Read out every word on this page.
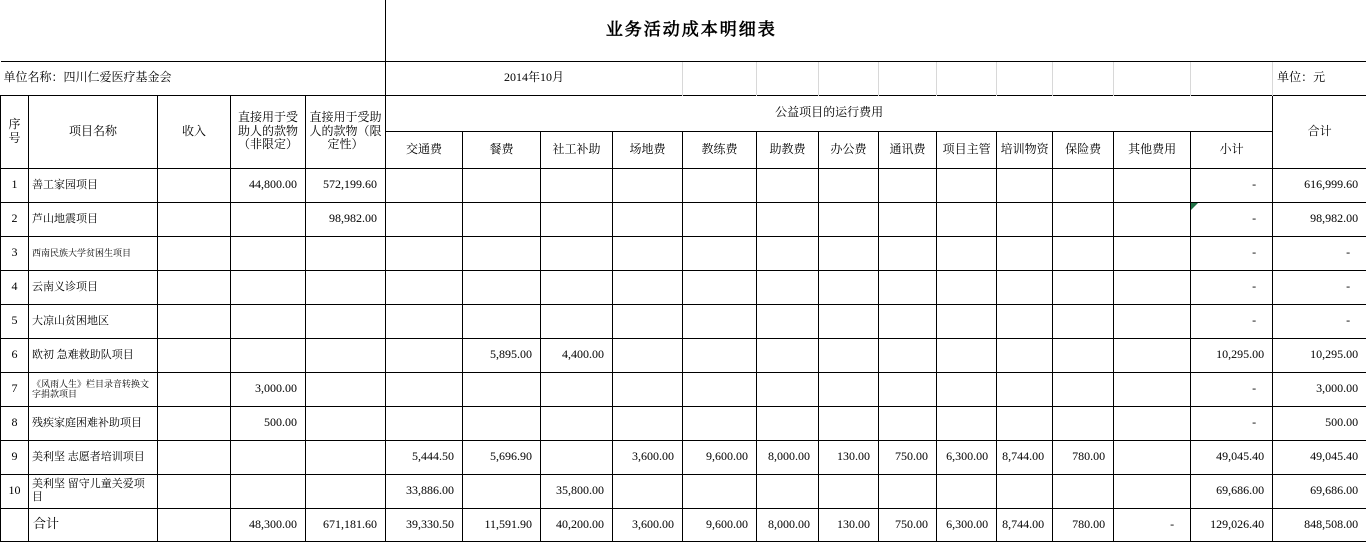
					业务活动成本明细表													
单位名称：四川仁爱医疗基金会					2014年10月													单位：元
序号	项目名称	收入	直接用于受助人的款物（非限定）	直接用于受助人的款物（限定性）	公益项目的运行费用													合计
					交通费	餐费	社工补助	场地费	教练费	助教费	办公费	通讯费	项目主管	培训物资	保险费	其他费用	小计	
1	善工家园项目		44,800.00	572,199.60													-	616,999.60
2	芦山地震项目			98,982.00													-	98,982.00
3	西南民族大学贫困生项目																-	-
4	云南义诊项目																-	-
5	大凉山贫困地区																-	-
6	欧初 急难救助队项目					5,895.00	4,400.00										10,295.00	10,295.00
7	《风雨人生》栏目录音转换文字捐款项目		3,000.00														-	3,000.00
8	残疾家庭困难补助项目		500.00														-	500.00
9	美利坚 志愿者培训项目				5,444.50	5,696.90		3,600.00	9,600.00	8,000.00	130.00	750.00	6,300.00	8,744.00	780.00		49,045.40	49,045.40
10	美利坚 留守儿童关爱项目				33,886.00		35,800.00										69,686.00	69,686.00
	合计		48,300.00	671,181.60	39,330.50	11,591.90	40,200.00	3,600.00	9,600.00	8,000.00	130.00	750.00	6,300.00	8,744.00	780.00	-	129,026.40	848,508.00
